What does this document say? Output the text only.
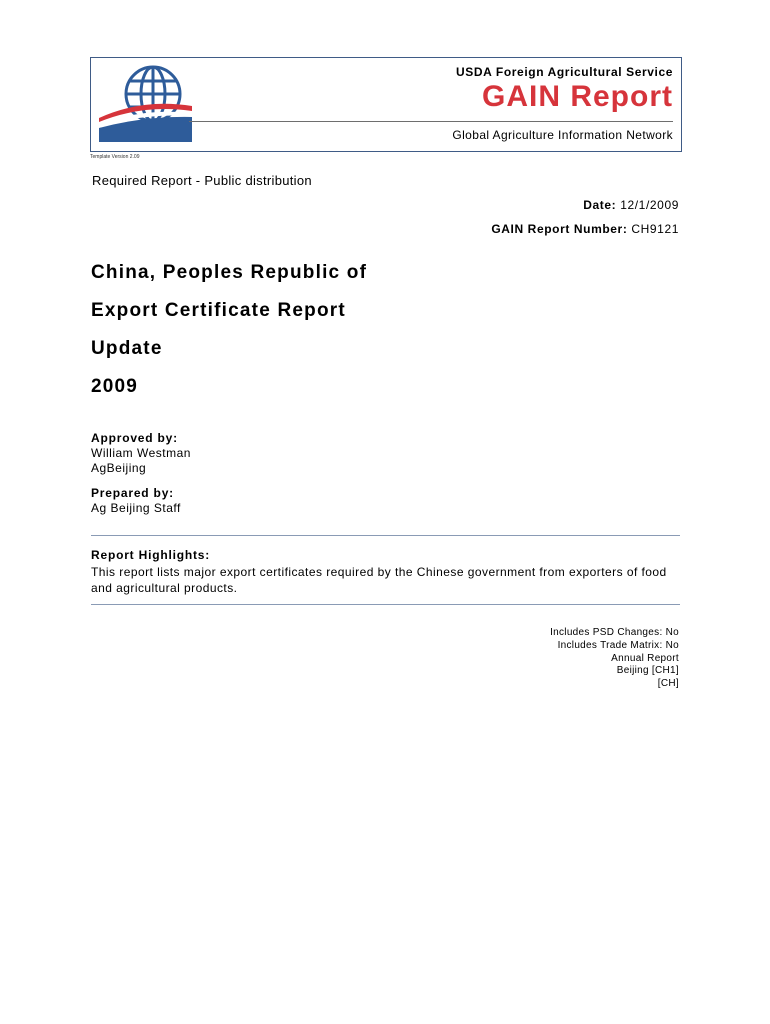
USDA Foreign Agricultural Service
GAIN Report
Global Agriculture Information Network
Template Version 2.09
Required Report - Public distribution
Date: 12/1/2009
GAIN Report Number: CH9121
China, Peoples Republic of
Export Certificate Report
Update
2009
Approved by:
William Westman
AgBeijing
Prepared by:
Ag Beijing Staff
Report Highlights:
This report lists major export certificates required by the Chinese government from exporters of food and agricultural products.
Includes PSD Changes: No
Includes Trade Matrix: No
Annual Report
Beijing [CH1]
[CH]
